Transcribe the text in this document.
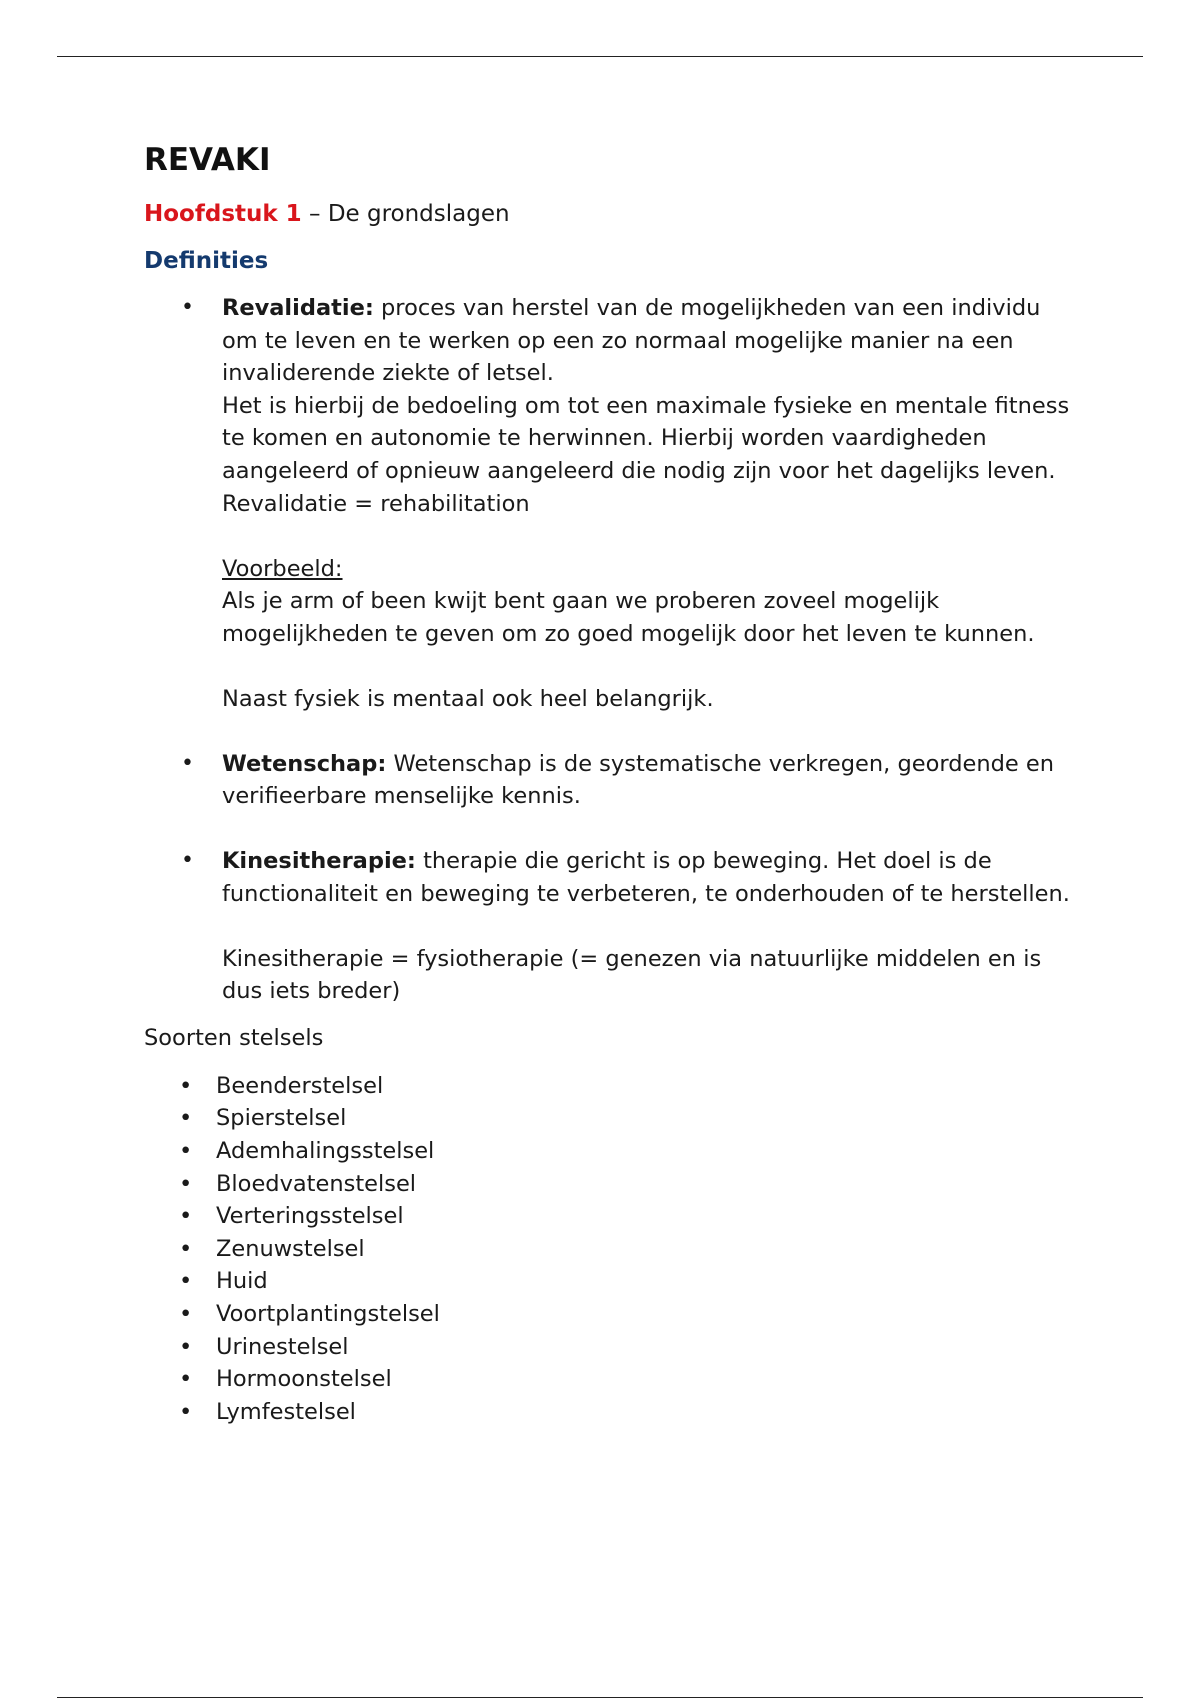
REVAKI
Hoofdstuk 1 – De grondslagen
Definities
• Revalidatie: proces van herstel van de mogelijkheden van een individu om te leven en te werken op een zo normaal mogelijke manier na een invaliderende ziekte of letsel.
Het is hierbij de bedoeling om tot een maximale fysieke en mentale fitness te komen en autonomie te herwinnen. Hierbij worden vaardigheden aangeleerd of opnieuw aangeleerd die nodig zijn voor het dagelijks leven.
Revalidatie = rehabilitation
Voorbeeld:
Als je arm of been kwijt bent gaan we proberen zoveel mogelijk mogelijkheden te geven om zo goed mogelijk door het leven te kunnen.
Naast fysiek is mentaal ook heel belangrijk.
• Wetenschap: Wetenschap is de systematische verkregen, geordende en verifieerbare menselijke kennis.
• Kinesitherapie: therapie die gericht is op beweging. Het doel is de functionaliteit en beweging te verbeteren, te onderhouden of te herstellen.
Kinesitherapie = fysiotherapie (= genezen via natuurlijke middelen en is dus iets breder)
Soorten stelsels
• Beenderstelsel
• Spierstelsel
• Ademhalingsstelsel
• Bloedvatenstelsel
• Verteringsstelsel
• Zenuwstelsel
• Huid
• Voortplantingstelsel
• Urinestelsel
• Hormoonstelsel
• Lymfestelsel
